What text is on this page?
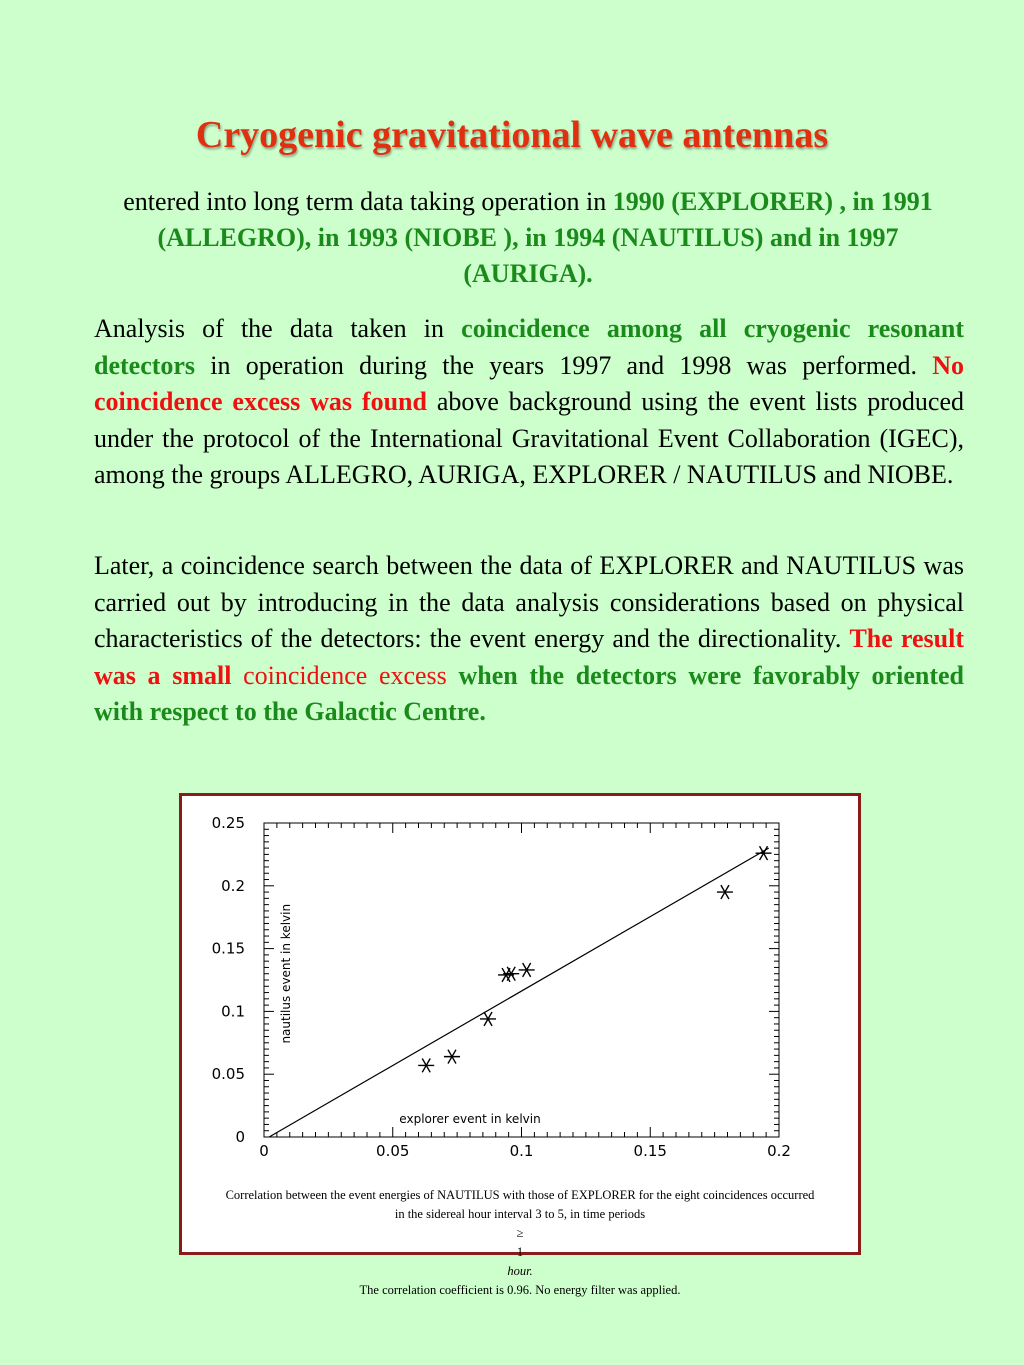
Cryogenic gravitational wave antennas

entered into long term data taking operation in 1990 (EXPLORER) , in 1991 (ALLEGRO), in 1993 (NIOBE ), in 1994 (NAUTILUS) and in 1997 (AURIGA).

Analysis of the data taken in coincidence among all cryogenic resonant detectors in operation during the years 1997 and 1998 was performed. No coincidence excess was found above background using the event lists produced under the protocol of the International Gravitational Event Collaboration (IGEC), among the groups ALLEGRO, AURIGA, EXPLORER / NAUTILUS and NIOBE.

Later, a coincidence search between the data of EXPLORER and NAUTILUS was carried out by introducing in the data analysis considerations based on physical characteristics of the detectors: the event energy and the directionality. The result was a small coincidence excess when the detectors were favorably oriented with respect to the Galactic Centre.

0	0.05	0.1	0.15	0.2
0
0.05
0.1
0.15
0.2
0.25
explorer event in kelvin
nautilus event in kelvin

Correlation between the event energies of NAUTILUS with those of EXPLORER for the eight coincidences occurred
in the sidereal hour interval 3 to 5, in time periods
≥
1
hour.
The correlation coefficient is 0.96. No energy filter was applied.
